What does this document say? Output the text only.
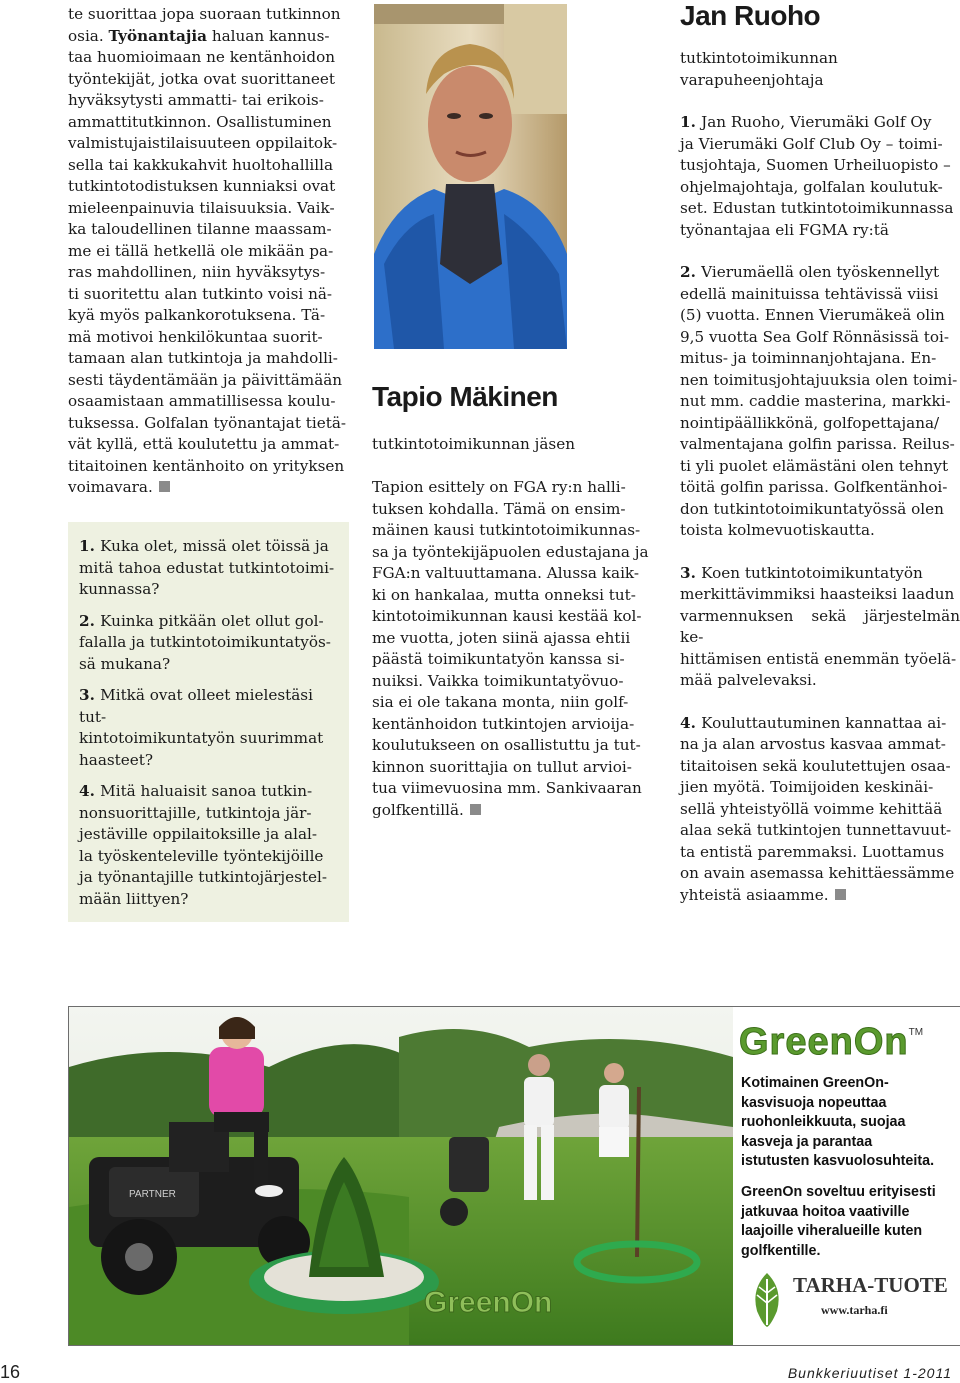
te suorittaa jopa suoraan tutkinnon
osia. Työnantajia haluan kannus-
taa huomioimaan ne kentänhoidon
työntekijät, jotka ovat suorittaneet
hyväksytysti ammatti- tai erikois-
ammattitutkinnon. Osallistuminen
valmistujaistilaisuuteen oppilaitok-
sella tai kakkukahvit huoltohallilla
tutkintotodistuksen kunniaksi ovat
mieleenpainuvia tilaisuuksia. Vaik-
ka taloudellinen tilanne maassam-
me ei tällä hetkellä ole mikään pa-
ras mahdollinen, niin hyväksytys-
ti suoritettu alan tutkinto voisi nä-
kyä myös palkankorotuksena. Tä-
mä motivoi henkilökuntaa suorit-
tamaan alan tutkintoja ja mahdolli-
sesti täydentämään ja päivittämään
osaamistaan ammatillisessa koulu-
tuksessa. Golfalan työnantajat tietä-
vät kyllä, että koulutettu ja ammat-
titaitoinen kentänhoito on yrityksen
voimavara.

1. Kuka olet, missä olet töissä ja
mitä tahoa edustat tutkintotoimi-
kunnassa?

2. Kuinka pitkään olet ollut gol-
falalla ja tutkintotoimikuntatyös-
sä mukana?

3. Mitkä ovat olleet mielestäsi tut-
kintotoimikuntatyön suurimmat
haasteet?

4. Mitä haluaisit sanoa tutkin-
nonsuorittajille, tutkintoja jär-
jestäville oppilaitoksille ja alal-
la työskenteleville työntekijöille
ja työnantajille tutkintojärjestel-
mään liittyen?

Tapio Mäkinen

tutkintotoimikunnan jäsen

Tapion esittely on FGA ry:n halli-
tuksen kohdalla. Tämä on ensim-
mäinen kausi tutkintotoimikunnas-
sa ja työntekijäpuolen edustajana ja
FGA:n valtuuttamana. Alussa kaik-
ki on hankalaa, mutta onneksi tut-
kintotoimikunnan kausi kestää kol-
me vuotta, joten siinä ajassa ehtii
päästä toimikuntatyön kanssa si-
nuiksi. Vaikka toimikuntatyövuo-
sia ei ole takana monta, niin golf-
kentänhoidon tutkintojen arvioija-
koulutukseen on osallistuttu ja tut-
kinnon suorittajia on tullut arvioi-
tua viimevuosina mm. Sankivaaran
golfkentillä.

Jan Ruoho

tutkintotoimikunnan
varapuheenjohtaja

1. Jan Ruoho, Vierumäki Golf Oy
ja Vierumäki Golf Club Oy – toimi-
tusjohtaja, Suomen Urheiluopisto –
ohjelmajohtaja, golfalan koulutuk-
set. Edustan tutkintotoimikunnassa
työnantajaa eli FGMA ry:tä

2. Vierumäellä olen työskennellyt
edellä mainituissa tehtävissä viisi
(5) vuotta. Ennen Vierumäkeä olin
9,5 vuotta Sea Golf Rönnäsissä toi-
mitus- ja toiminnanjohtajana. En-
nen toimitusjohtajuuksia olen toimi-
nut mm. caddie masterina, markki-
nointipäällikkönä, golfopettajana/
valmentajana golfin parissa. Reilus-
ti yli puolet elämästäni olen tehnyt
töitä golfin parissa. Golfkentänhoi-
don tutkintotoimikuntatyössä olen
toista kolmevuotiskautta.

3. Koen tutkintotoimikuntatyön
merkittävimmiksi haasteiksi laadun
varmennuksen sekä järjestelmän ke-
hittämisen entistä enemmän työelä-
mää palvelevaksi.

4. Kouluttautuminen kannattaa ai-
na ja alan arvostus kasvaa ammat-
titaitoisen sekä koulutettujen osaa-
jien myötä. Toimijoiden keskinäi-
sellä yhteistyöllä voimme kehittää
alaa sekä tutkintojen tunnettavuut-
ta entistä paremmaksi. Luottamus
on avain asemassa kehittäessämme
yhteistä asiaamme.

PARTNER
GreenOn
GreenOn™
Kotimainen GreenOn-
kasvisuoja nopeuttaa
ruohonleikkuuta, suojaa
kasveja ja parantaa
istutusten kasvuolosuhteita.
GreenOn soveltuu erityisesti
jatkuvaa hoitoa vaativille
laajoille viheralueille kuten
golfkentille.
TARHA-TUOTE
www.tarha.fi
16	Bunkkeriuutiset 1-2011
